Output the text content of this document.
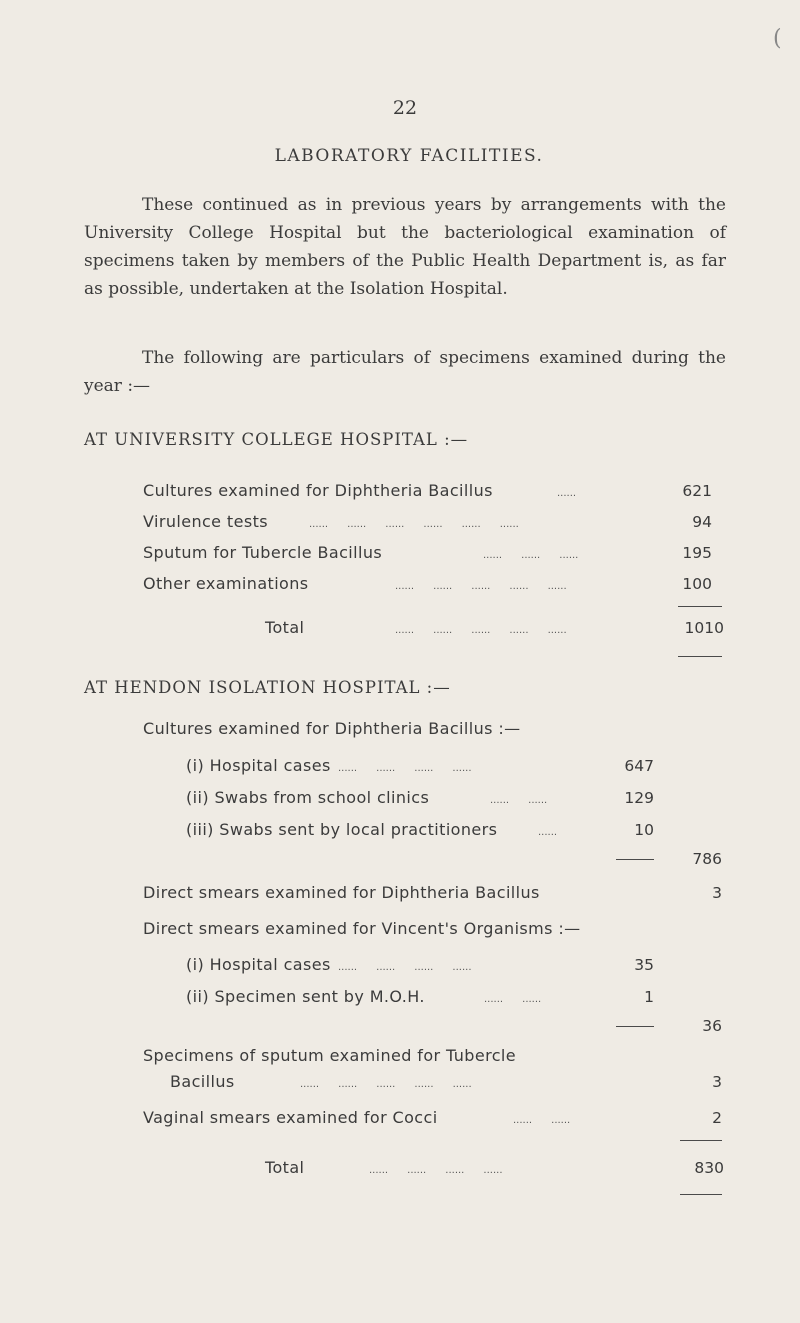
(
22
LABORATORY FACILITIES.
These continued as in previous years by arrangements with the University College Hospital but the bacteriological examination of specimens taken by members of the Public Health Department is, as far as possible, undertaken at the Isolation Hospital.
The following are particulars of specimens examined during the year :—
AT UNIVERSITY COLLEGE HOSPITAL :—
Cultures examined for Diphtheria Bacillus	......	621
Virulence tests	......      ......      ......      ......      ......      ......	94
Sputum for Tubercle Bacillus	......      ......      ......	195
Other examinations	......      ......      ......      ......      ......	100
Total	......      ......      ......      ......      ......	1010
AT HENDON ISOLATION HOSPITAL :—
Cultures examined for Diphtheria Bacillus :—
(i) Hospital cases ......      ......      ......      ......	647
(ii) Swabs from school clinics	......      ......	129
(iii) Swabs sent by local practitioners	......	10
786
Direct smears examined for Diphtheria Bacillus	3
Direct smears examined for Vincent's Organisms :—
(i) Hospital cases ......      ......      ......      ......	35
(ii) Specimen sent by M.O.H.	......      ......	1
36
Specimens of sputum examined for Tubercle
Bacillus	......      ......      ......      ......      ......	3
Vaginal smears examined for Cocci	......      ......	2
Total	......      ......      ......      ......	830
